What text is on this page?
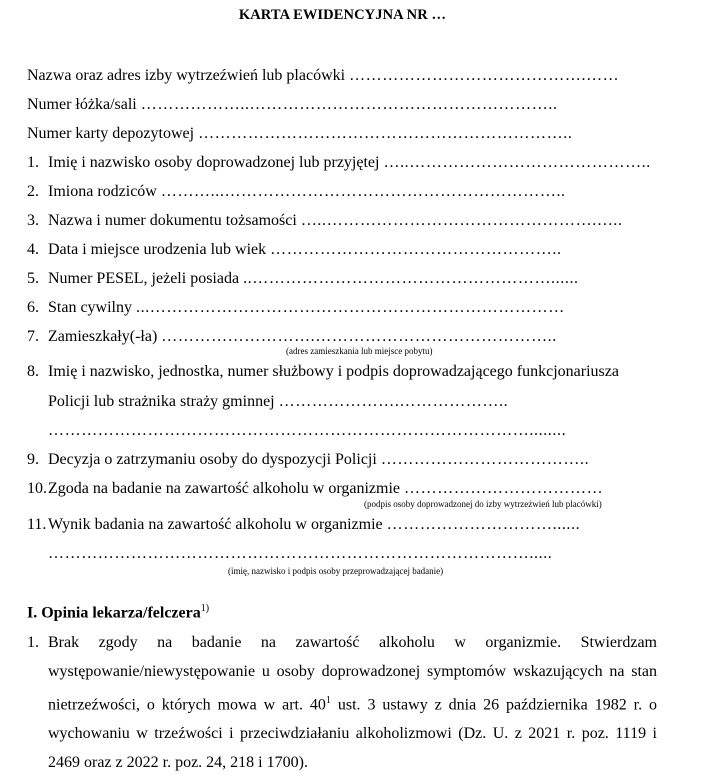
KARTA EWIDENCYJNA NR …
Nazwa oraz adres izby wytrzeźwień lub placówki …………………………………….……
Numer łóżka/sali ………………..………………………………………………..
Numer karty depozytowej …………………………………………………………..
1. Imię i nazwisko osoby doprowadzonej lub przyjętej …..……………………………………..
2. Imiona rodziców ………...……………………………………………………..
3. Nazwa i numer dokumentu tożsamości …..………………………………………….…..
4. Data i miejsce urodzenia lub wiek ……………………………………………..
5. Numer PESEL, jeżeli posiada ..………………………………………………......
6. Stan cywilny ...…………………………………………………………………
7. Zamieszkały(-ła) ……………………….……………………………………..
(adres zamieszkania lub miejsce pobytu)
8. Imię i nazwisko, jednostka, numer służbowy i podpis doprowadzającego funkcjonariusza
Policji lub strażnika straży gminnej ………………….………………..
……………………………………………………………………………........
9. Decyzja o zatrzymaniu osoby do dyspozycji Policji ………………………………..
10.Zgoda na badanie na zawartość alkoholu w organizmie ………………………………
(podpis osoby doprowadzonej do izby wytrzeźwień lub placówki)
11.Wynik badania na zawartość alkoholu w organizmie …………………………......
…………………………………………………………………………….....
(imię, nazwisko i podpis osoby przeprowadzającej badanie)
I. Opinia lekarza/felczera$^{1)}$
1. Brak zgody na badanie na zawartość alkoholu w organizmie. Stwierdzam występowanie/niewystępowanie u osoby doprowadzonej symptomów wskazujących na stan nietrzeźwości, o których mowa w art. $40^1$ ust. 3 ustawy z dnia 26 października 1982 r. o wychowaniu w trzeźwości i przeciwdziałaniu alkoholizmowi (Dz. U. z 2021 r. poz. 1119 i 2469 oraz z 2022 r. poz. 24, 218 i 1700).
